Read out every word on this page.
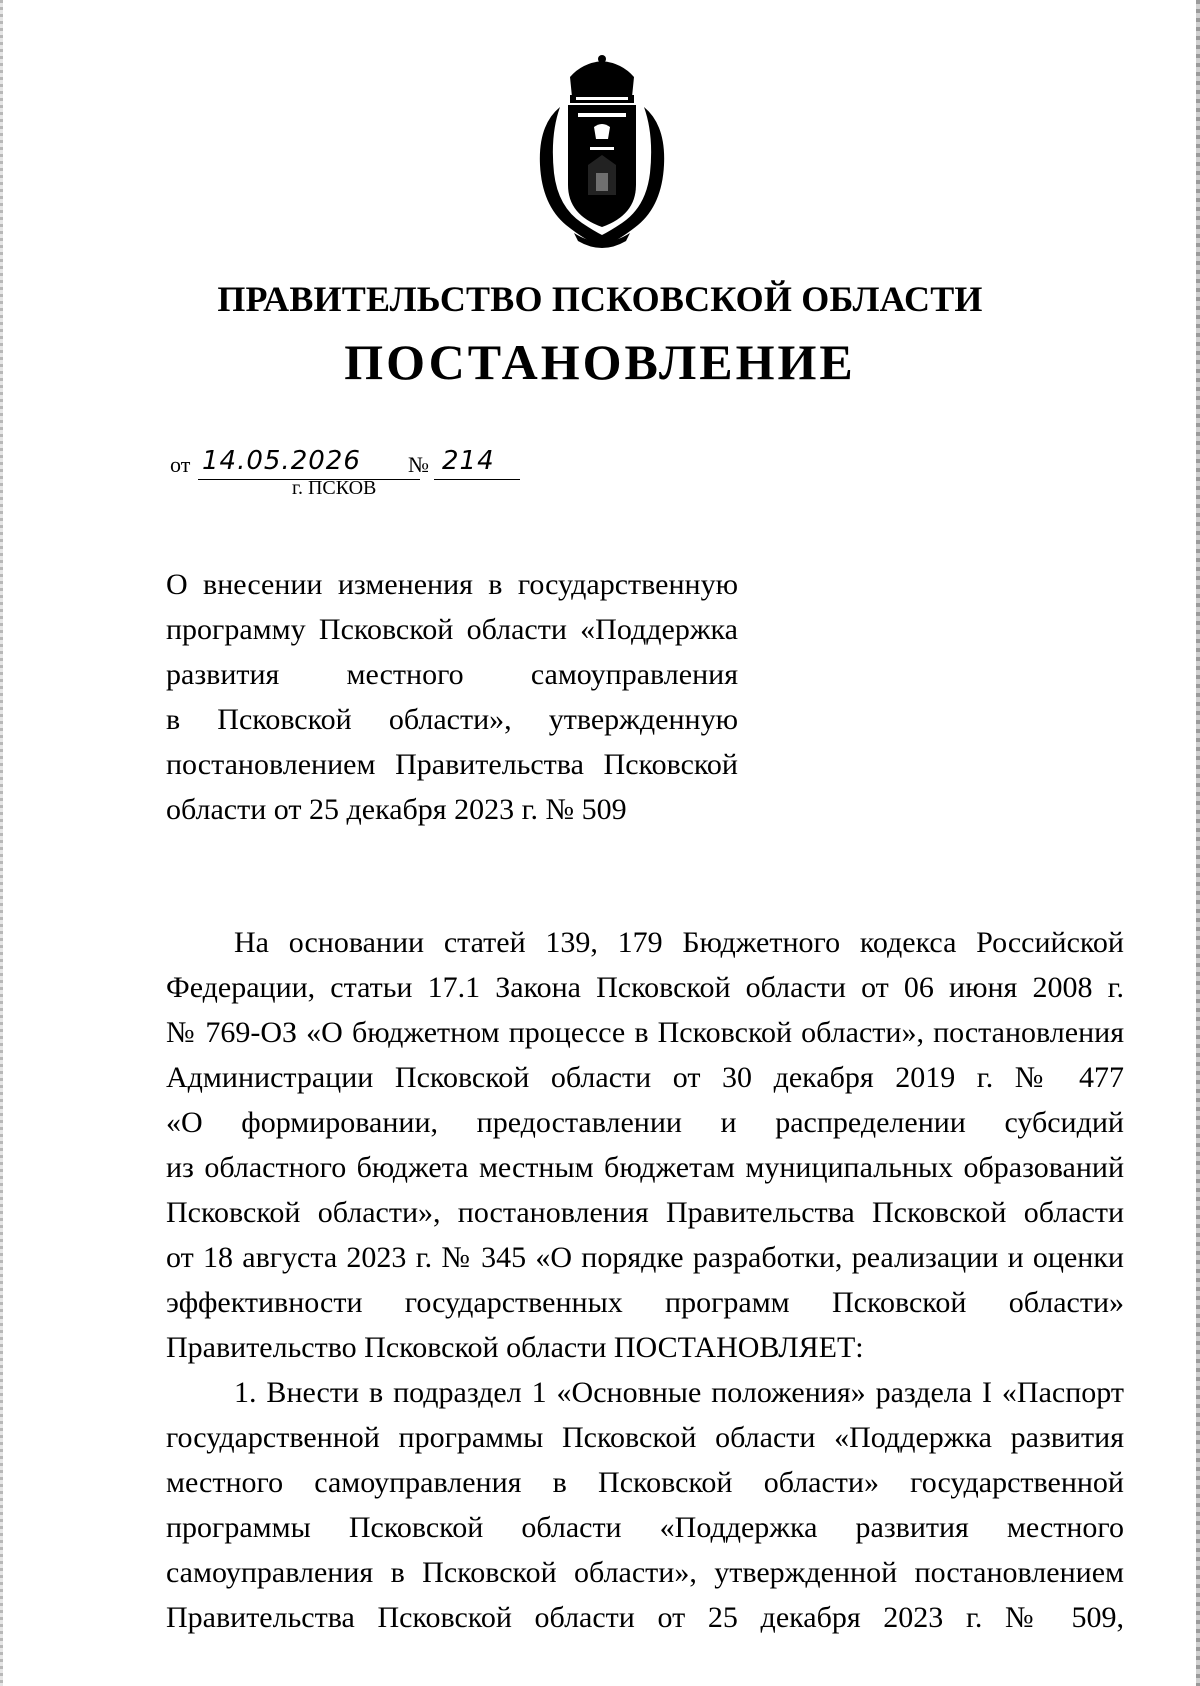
ПРАВИТЕЛЬСТВО ПСКОВСКОЙ ОБЛАСТИ
ПОСТАНОВЛЕНИЕ
от 14.05.2026 № 214
г. ПСКОВ
О внесении изменения в государственную
программу Псковской области «Поддержка
развития местного самоуправления
в Псковской области», утвержденную
постановлением Правительства Псковской
области от 25 декабря 2023 г. № 509
На основании статей 139, 179 Бюджетного кодекса Российской
Федерации, статьи 17.1 Закона Псковской области от 06 июня 2008 г.
№ 769-ОЗ «О бюджетном процессе в Псковской области», постановления
Администрации Псковской области от 30 декабря 2019 г. № 477
«О формировании, предоставлении и распределении субсидий
из областного бюджета местным бюджетам муниципальных образований
Псковской области», постановления Правительства Псковской области
от 18 августа 2023 г. № 345 «О порядке разработки, реализации и оценки
эффективности государственных программ Псковской области»
Правительство Псковской области ПОСТАНОВЛЯЕТ:
1. Внести в подраздел 1 «Основные положения» раздела I «Паспорт
государственной программы Псковской области «Поддержка развития
местного самоуправления в Псковской области» государственной
программы Псковской области «Поддержка развития местного
самоуправления в Псковской области», утвержденной постановлением
Правительства Псковской области от 25 декабря 2023 г. № 509,
